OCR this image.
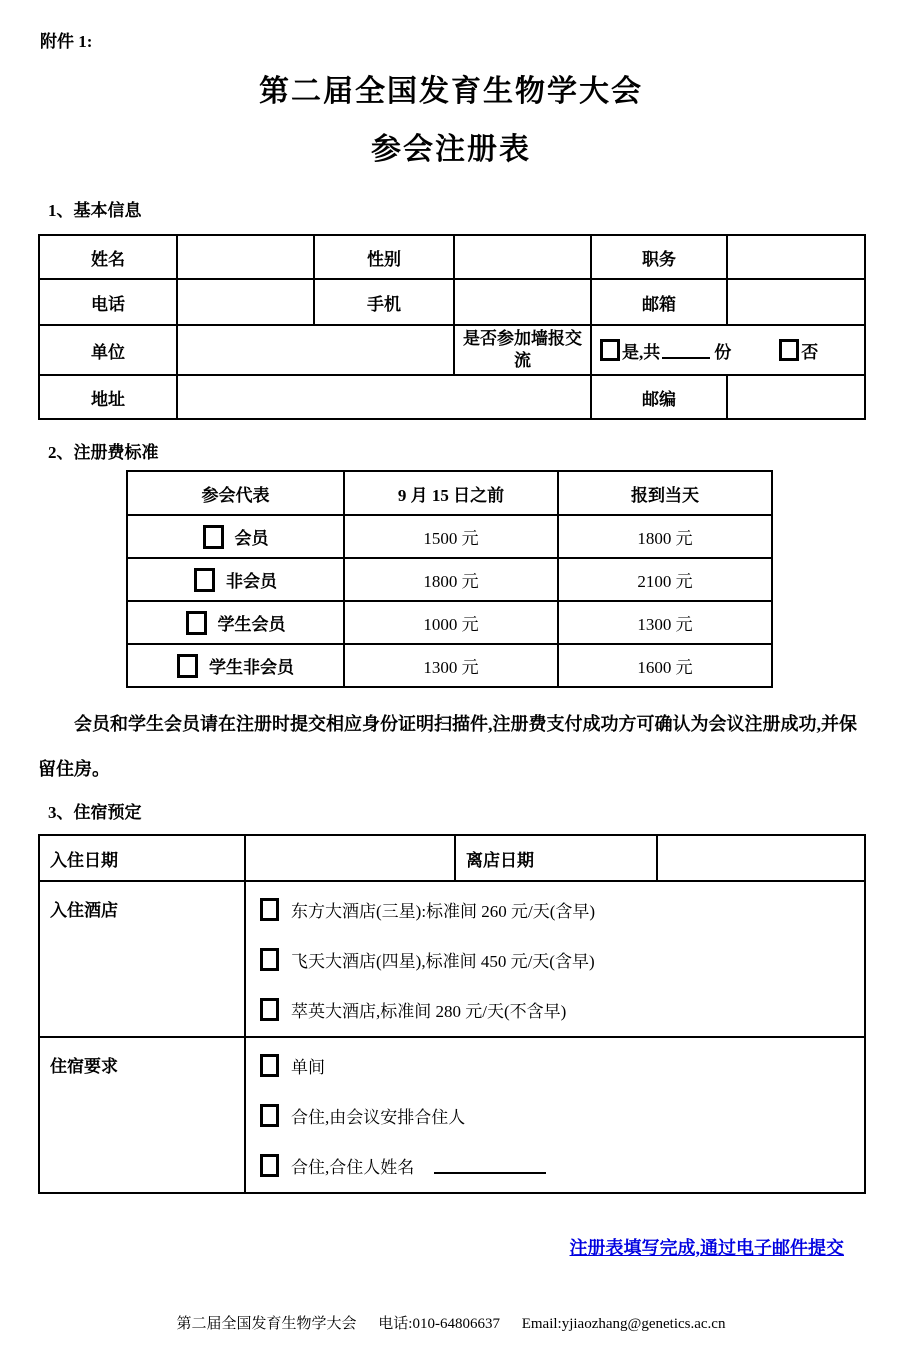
附件 1:
第二届全国发育生物学大会
参会注册表
1、基本信息
姓名		性别		职务	
电话		手机		邮箱	
单位			是否参加墙报交流	是,共 份 否	

地址				邮编	
2、注册费标准
参会代表	9 月 15 日之前	报到当天

会员	1500 元	1800 元

非会员	1800 元	2100 元

学生会员	1000 元	1300 元

学生非会员	1300 元	1600 元

会员和学生会员请在注册时提交相应身份证明扫描件,注册费支付成功方可确认为会议注册成功,并保留住房。

3、住宿预定
入住日期		离店日期	
入住酒店	东方大酒店(三星):标准间 260 元/天(含早)
飞天大酒店(四星),标准间 450 元/天(含早)
萃英大酒店,标准间 280 元/天(不含早)		

住宿要求	单间
合住,由会议安排合住人
合住,合住人姓名		
注册表填写完成,通过电子邮件提交
第二届全国发育生物学大会 电话:010-64806637 Email:yjiaozhang@genetics.ac.cn
